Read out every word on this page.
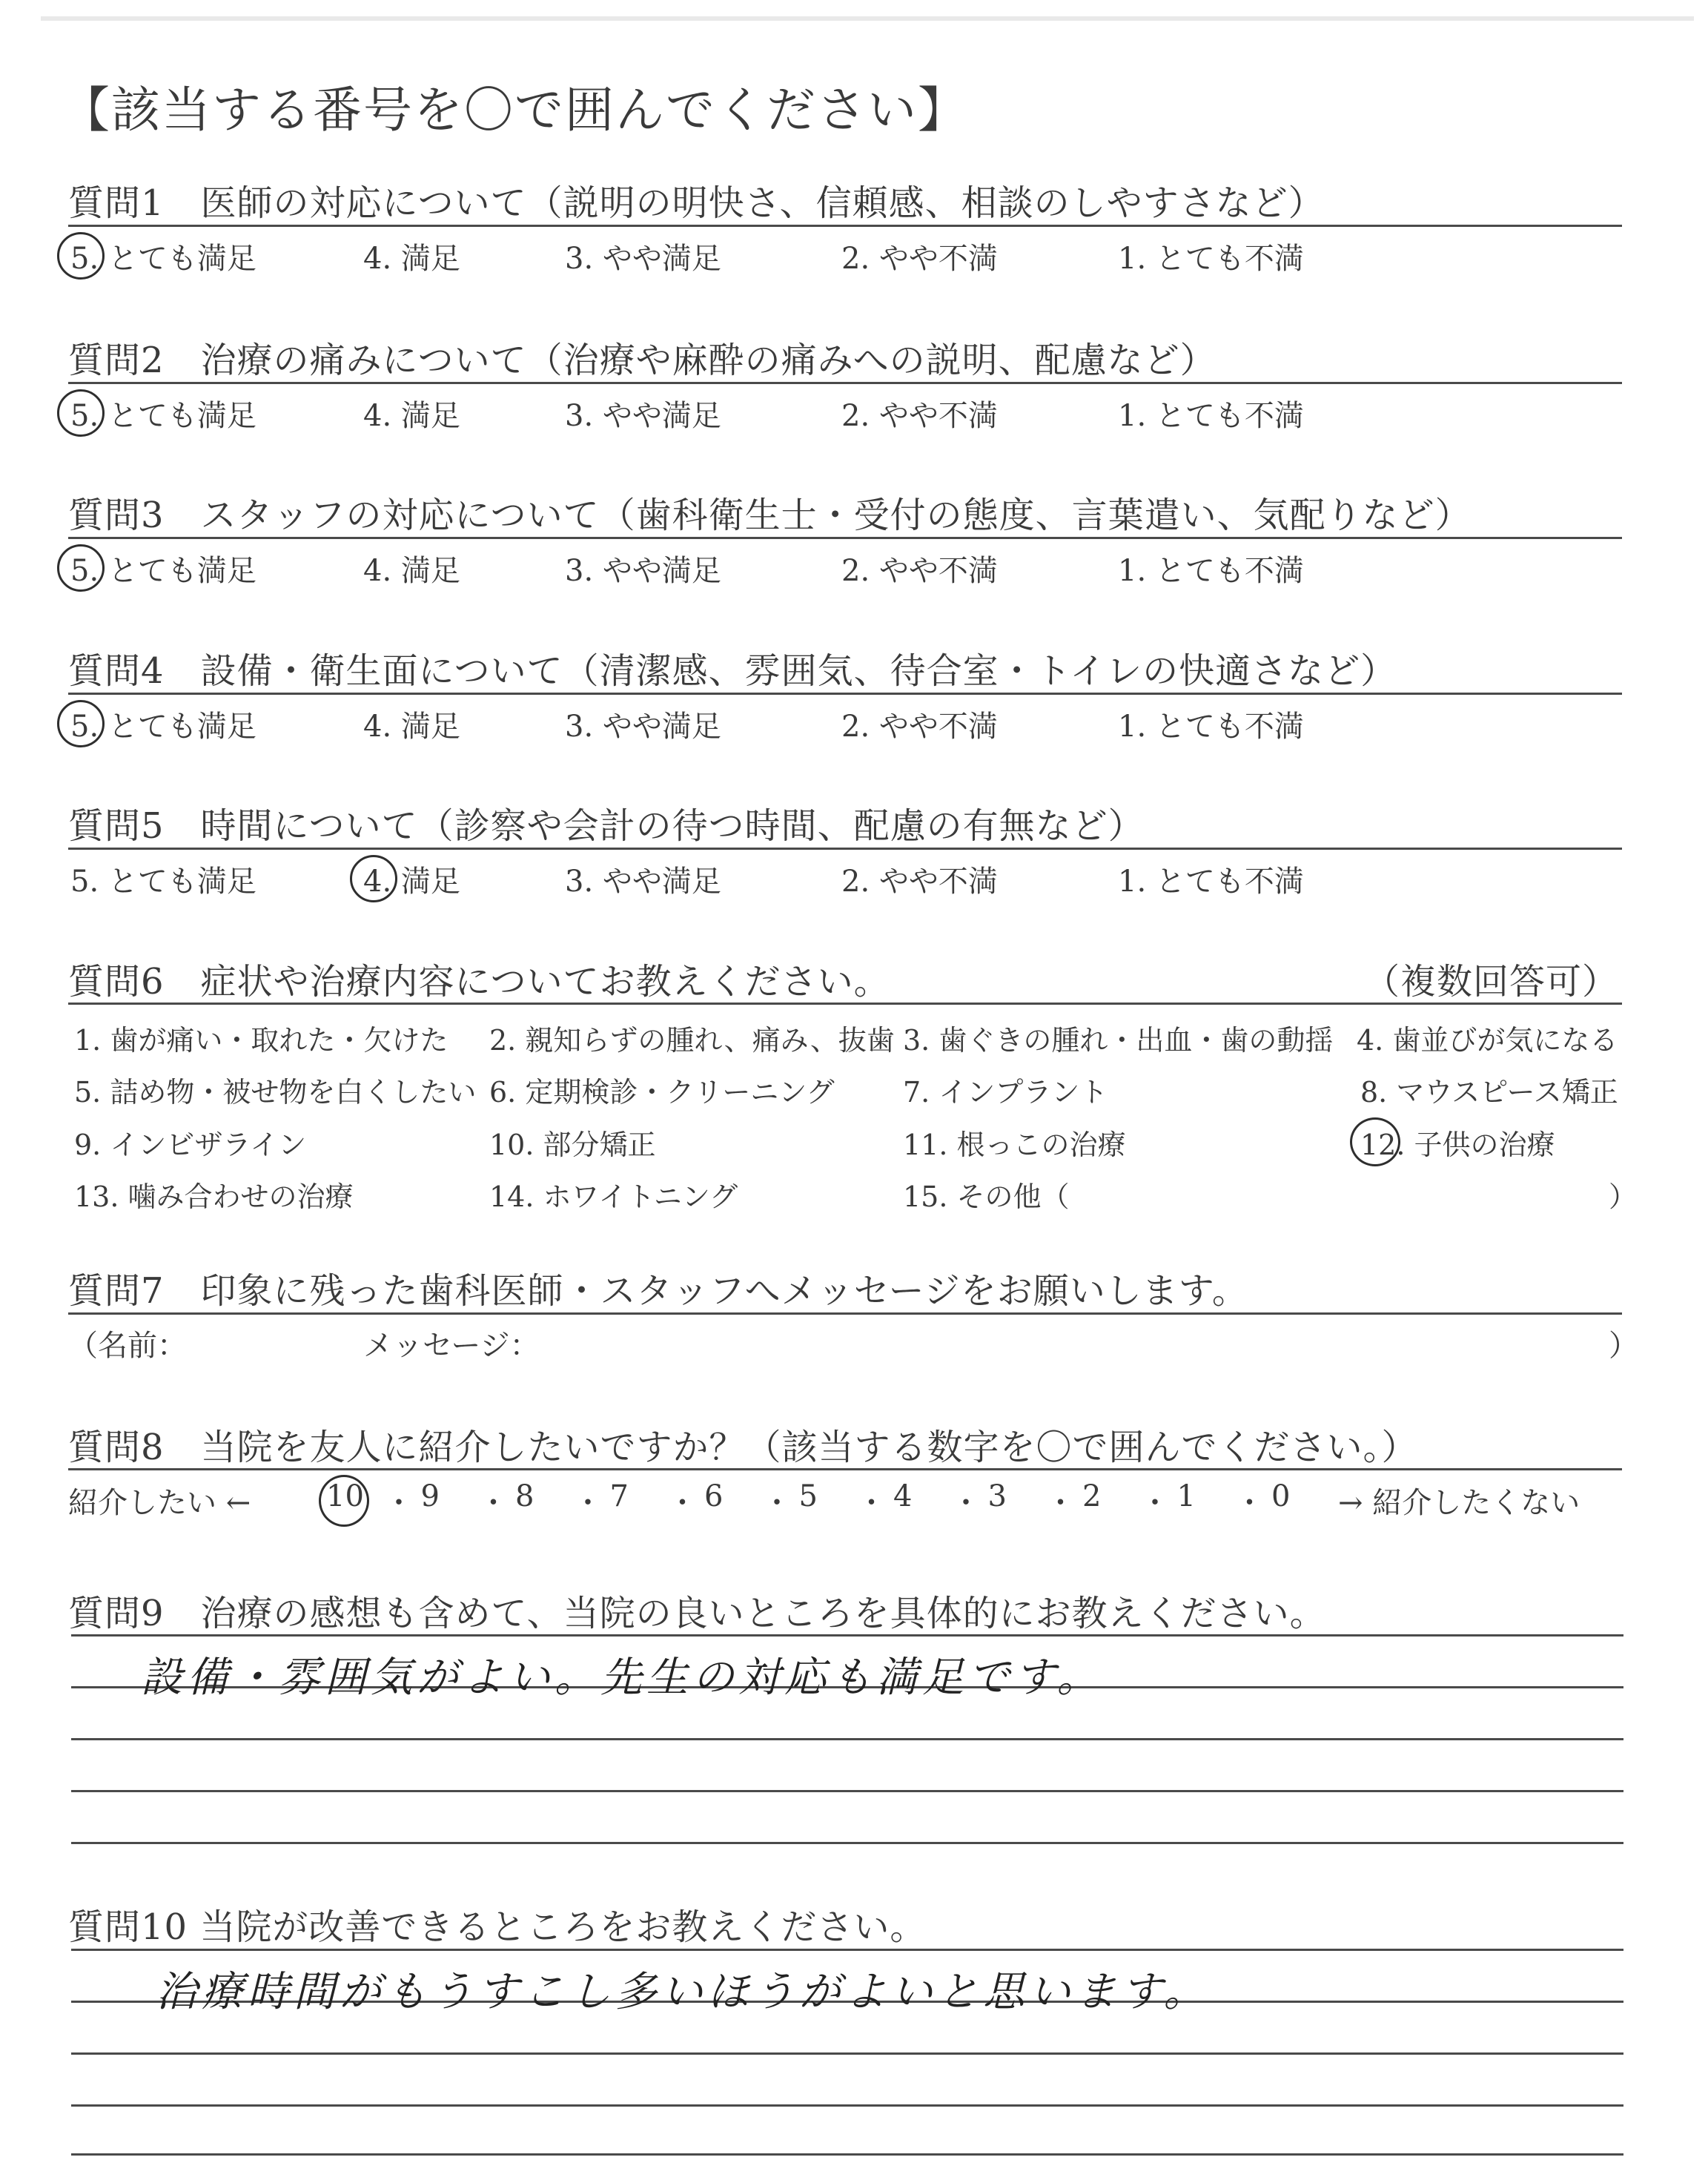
【該当する番号を〇で囲んでください】
質問1　医師の対応について（説明の明快さ、信頼感、相談のしやすさなど）
5. とても満足	4. 満足	3. やや満足	2. やや不満	1. とても不満
質問2　治療の痛みについて（治療や麻酔の痛みへの説明、配慮など）
5. とても満足	4. 満足	3. やや満足	2. やや不満	1. とても不満
質問3　スタッフの対応について（歯科衛生士・受付の態度、言葉遣い、気配りなど）
5. とても満足	4. 満足	3. やや満足	2. やや不満	1. とても不満
質問4　設備・衛生面について（清潔感、雰囲気、待合室・トイレの快適さなど）
5. とても満足	4. 満足	3. やや満足	2. やや不満	1. とても不満
質問5　時間について（診察や会計の待つ時間、配慮の有無など）
5. とても満足	4. 満足	3. やや満足	2. やや不満	1. とても不満
質問6　症状や治療内容についてお教えください。	（複数回答可）
1. 歯が痛い・取れた・欠けた 2. 親知らずの腫れ、痛み、抜歯 3. 歯ぐきの腫れ・出血・歯の動揺 4. 歯並びが気になる
5. 詰め物・被せ物を白くしたい 6. 定期検診・クリーニング 7. インプラント	8. マウスピース矯正
9. インビザライン	10. 部分矯正	11. 根っこの治療	12. 子供の治療
13. 噛み合わせの治療	14. ホワイトニング	15. その他（	）
質問7　印象に残った歯科医師・スタッフへメッセージをお願いします。
（名前：	メッセージ：	）
質問8　当院を友人に紹介したいですか？（該当する数字を〇で囲んでください。）
紹介したい ←	10 ・ 9 ・ 8 ・ 7 ・ 6 ・ 5 ・ 4 ・ 3 ・ 2 ・ 1 ・ 0 → 紹介したくない
質問9　治療の感想も含めて、当院の良いところを具体的にお教えください。
設備・雰囲気がよい。先生の対応も満足です。
質問10 当院が改善できるところをお教えください。
治療時間がもうすこし多いほうがよいと思います。
